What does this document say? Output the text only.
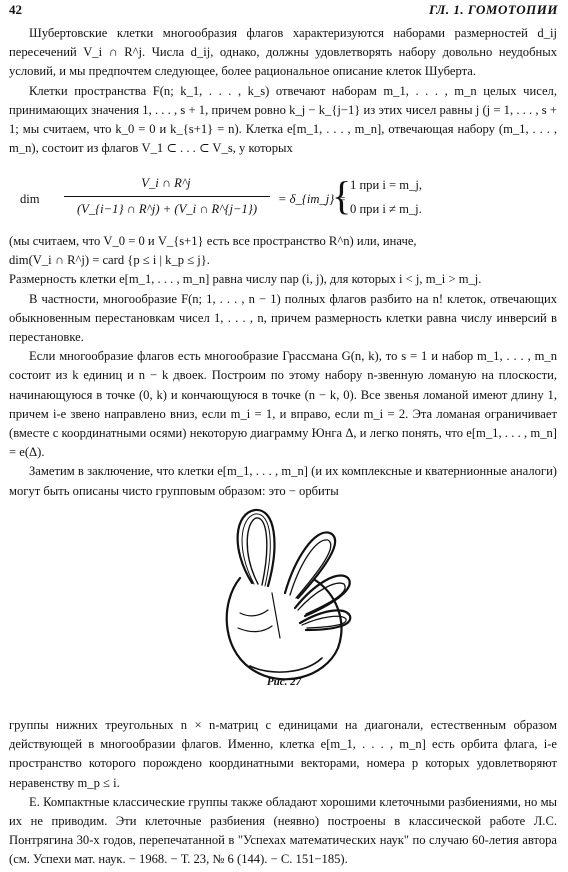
42	ГЛ. 1. ГОМОТОПИИ

Шубертовские клетки многообразия флагов характеризуются наборами размерностей d_ij пересечений V_i ∩ R^j. Числа d_ij, однако, должны удовлетворять набору довольно неудобных условий, и мы предпочтем следующее, более рациональное описание клеток Шуберта.

Клетки пространства F(n; k_1, . . . , k_s) отвечают наборам m_1, . . . , m_n целых чисел, принимающих значения 1, . . . , s + 1, причем ровно k_j − k_{j−1} из этих чисел равны j (j = 1, . . . , s + 1; мы считаем, что k_0 = 0 и k_{s+1} = n). Клетка e[m_1, . . . , m_n], отвечающая набору (m_1, . . . , m_n), состоит из флагов V_1 ⊂ . . . ⊂ V_s, у которых

dim
V_i ∩ R^j
(V_{i−1} ∩ R^j) + (V_i ∩ R^{j−1})
= δ_{im_j} =
{
1 при i = m_j,
0 при i ≠ m_j.

(мы считаем, что V_0 = 0 и V_{s+1} есть все пространство R^n) или, иначе,

dim(V_i ∩ R^j) = card {p ≤ i | k_p ≤ j}.

Размерность клетки e[m_1, . . . , m_n] равна числу пар (i, j), для которых i < j, m_i > m_j.

В частности, многообразие F(n; 1, . . . , n − 1) полных флагов разбито на n! клеток, отвечающих обыкновенным перестановкам чисел 1, . . . , n, причем размерность клетки равна числу инверсий в перестановке.

Если многообразие флагов есть многообразие Грассмана G(n, k), то s = 1 и набор m_1, . . . , m_n состоит из k единиц и n − k двоек. Построим по этому набору n-звенную ломаную на плоскости, начинающуюся в точке (0, k) и кончающуюся в точке (n − k, 0). Все звенья ломаной имеют длину 1, причем i-е звено направлено вниз, если m_i = 1, и вправо, если m_i = 2. Эта ломаная ограничивает (вместе с координатными осями) некоторую диаграмму Юнга Δ, и легко понять, что e[m_1, . . . , m_n] = e(Δ).

Заметим в заключение, что клетки e[m_1, . . . , m_n] (и их комплексные и кватернионные аналоги) могут быть описаны чисто групповым образом: это − орбиты

Рис. 27

группы нижних треугольных n × n-матриц с единицами на диагонали, естественным образом действующей в многообразии флагов. Именно, клетка e[m_1, . . . , m_n] есть орбита флага, i-е пространство которого порождено координатными векторами, номера p которых удовлетворяют неравенству m_p ≤ i.

Е. Компактные классические группы также обладают хорошими клеточными разбиениями, но мы их не приводим. Эти клеточные разбиения (неявно) построены в классической работе Л.С. Понтрягина 30-х годов, перепечатанной в "Успехах математических наук" по случаю 60-летия автора (см. Успехи мат. наук. − 1968. − Т. 23, № 6 (144). − С. 151−185).
